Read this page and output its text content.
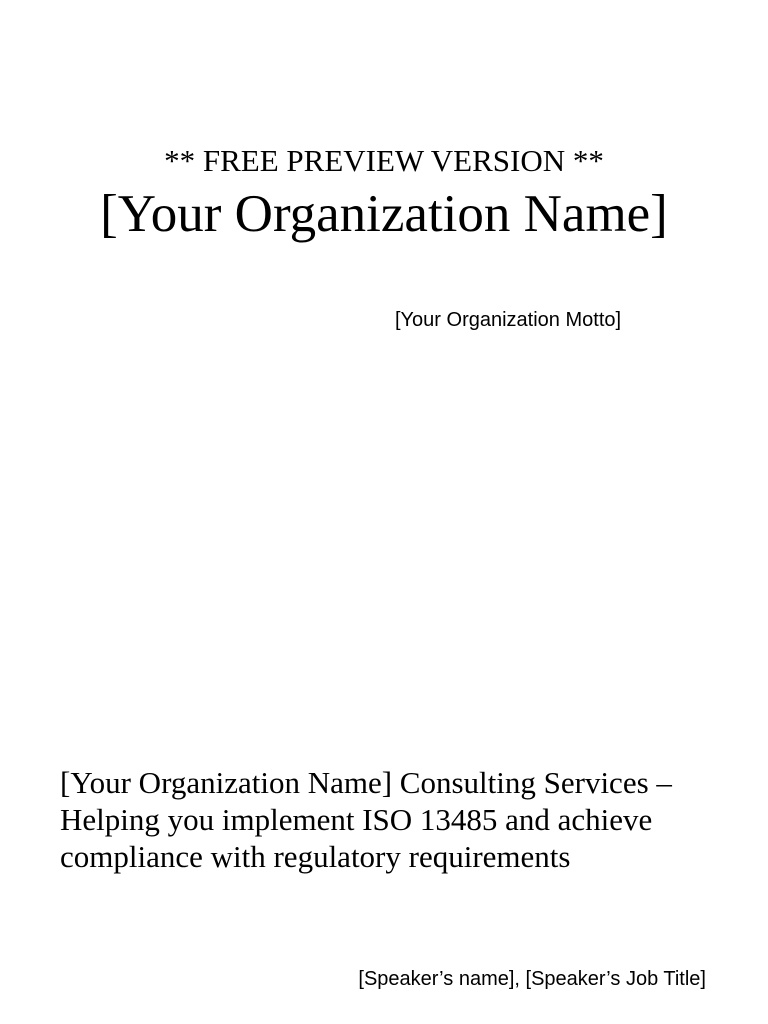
** FREE PREVIEW VERSION **
[Your Organization Name]
[Your Organization Motto]
[Your Organization Name] Consulting Services – Helping you implement ISO 13485 and achieve compliance with regulatory requirements
[Speaker’s name], [Speaker’s Job Title]
